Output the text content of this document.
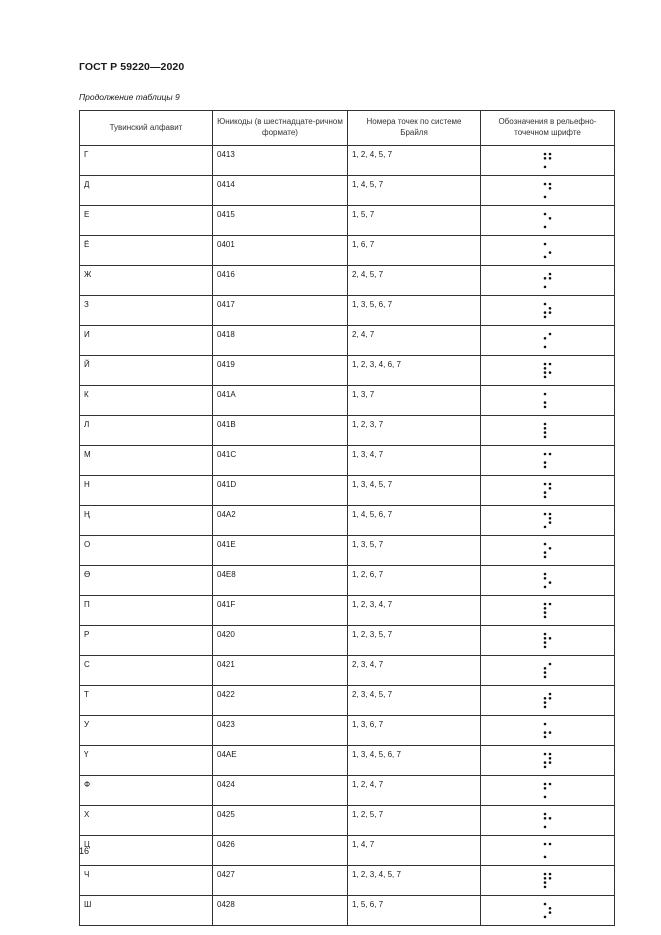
ГОСТ Р 59220—2020
Продолжение таблицы 9
Тувинский алфавит	Юникоды (в шестнадцате-ричном формате)	Номера точек по системе Брайля	Обозначения в рельефно-точечном шрифте
Г	0413	1, 2, 4, 5, 7	

Д	0414	1, 4, 5, 7	

Е	0415	1, 5, 7	

Ё	0401	1, 6, 7	

Ж	0416	2, 4, 5, 7	

З	0417	1, 3, 5, 6, 7	

И	0418	2, 4, 7	

Й	0419	1, 2, 3, 4, 6, 7	

К	041A	1, 3, 7	

Л	041B	1, 2, 3, 7	

М	041C	1, 3, 4, 7	

Н	041D	1, 3, 4, 5, 7	

Ң	04A2	1, 4, 5, 6, 7	

О	041E	1, 3, 5, 7	

Ө	04E8	1, 2, 6, 7	

П	041F	1, 2, 3, 4, 7	

Р	0420	1, 2, 3, 5, 7	

С	0421	2, 3, 4, 7	

Т	0422	2, 3, 4, 5, 7	

У	0423	1, 3, 6, 7	

Ү	04AE	1, 3, 4, 5, 6, 7	

Ф	0424	1, 2, 4, 7	

Х	0425	1, 2, 5, 7	

Ц	0426	1, 4, 7	

Ч	0427	1, 2, 3, 4, 5, 7	

Ш	0428	1, 5, 6, 7	
16
